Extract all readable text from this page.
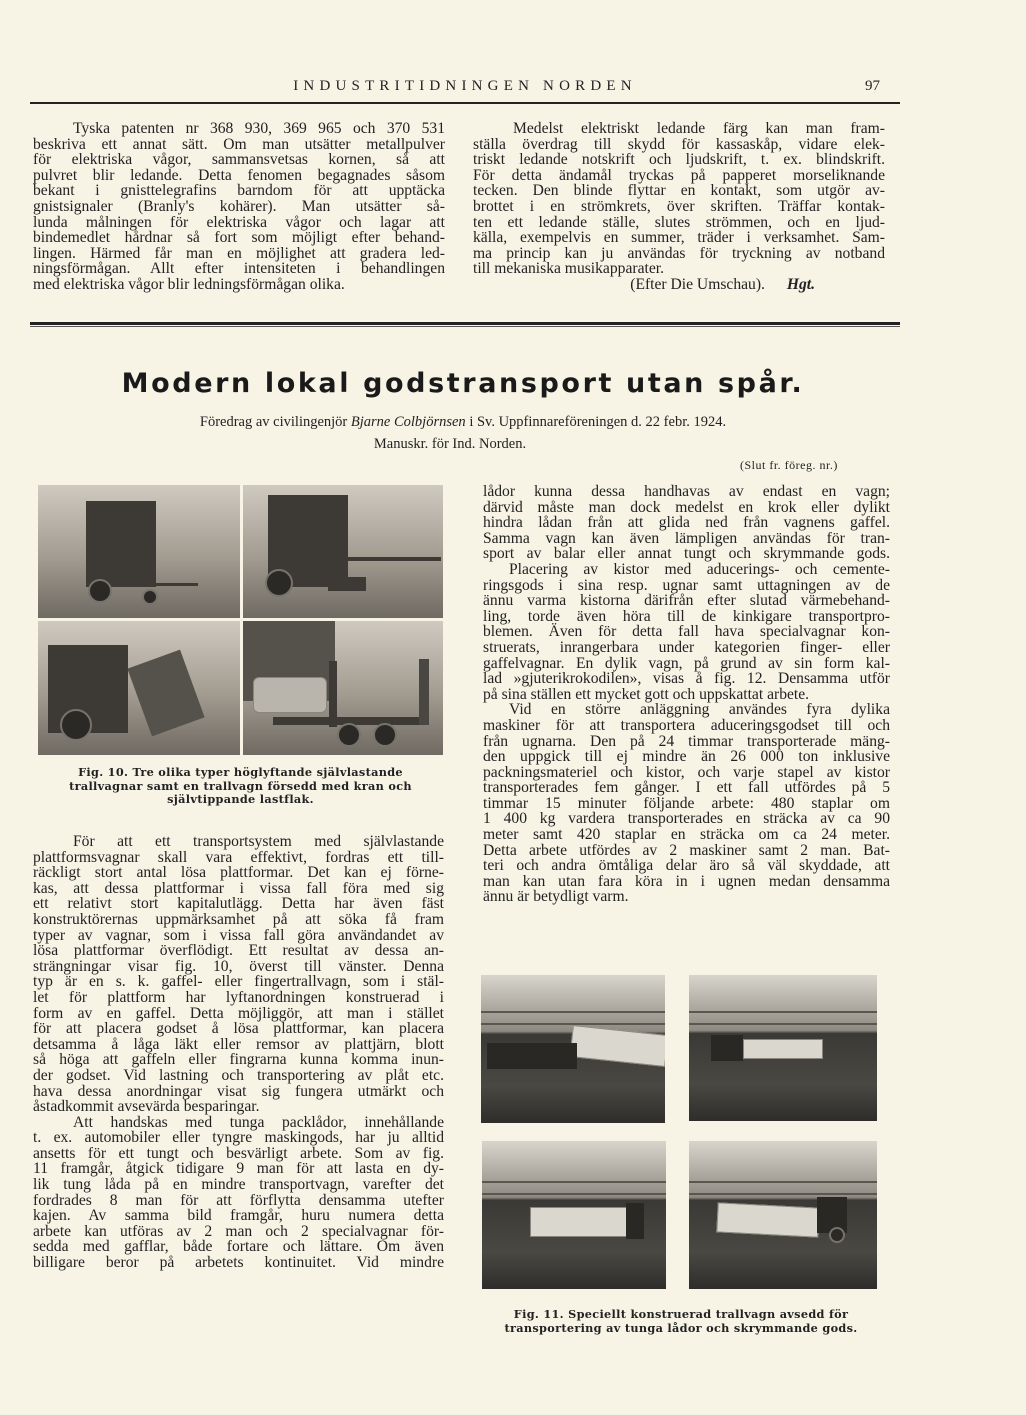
INDUSTRITIDNINGEN NORDEN	97
Tyska patenten nr 368 930, 369 965 och 370 531
beskriva ett annat sätt. Om man utsätter metallpulver
för elektriska vågor, sammansvetsas kornen, så att
pulvret blir ledande. Detta fenomen begagnades såsom
bekant i gnisttelegrafins barndom för att upptäcka
gnistsignaler (Branly's kohärer). Man utsätter så-
lunda målningen för elektriska vågor och lagar att
bindemedlet hårdnar så fort som möjligt efter behand-
lingen. Härmed får man en möjlighet att gradera led-
ningsförmågan. Allt efter intensiteten i behandlingen
med elektriska vågor blir ledningsförmågan olika.
Medelst elektriskt ledande färg kan man fram-
ställa överdrag till skydd för kassaskåp, vidare elek-
triskt ledande notskrift och ljudskrift, t. ex. blindskrift.
För detta ändamål tryckas på papperet morseliknande
tecken. Den blinde flyttar en kontakt, som utgör av-
brottet i en strömkrets, över skriften. Träffar kontak-
ten ett ledande ställe, slutes strömmen, och en ljud-
källa, exempelvis en summer, träder i verksamhet. Sam-
ma princip kan ju användas för tryckning av notband
till mekaniska musikapparater.
(Efter Die Umschau). Hgt.
Modern lokal godstransport utan spår.
Föredrag av civilingenjör Bjarne Colbjörnsen i Sv. Uppfinnareföreningen d. 22 febr. 1924.
Manuskr. för Ind. Norden.
(Slut fr. föreg. nr.)
Fig. 10. Tre olika typer höglyftande självlastande
trallvagnar samt en trallvagn försedd med kran och
självtippande lastflak.
För att ett transportsystem med självlastande
plattformsvagnar skall vara effektivt, fordras ett till-
räckligt stort antal lösa plattformar. Det kan ej förne-
kas, att dessa plattformar i vissa fall föra med sig
ett relativt stort kapitalutlägg. Detta har även fäst
konstruktörernas uppmärksamhet på att söka få fram
typer av vagnar, som i vissa fall göra användandet av
lösa plattformar överflödigt. Ett resultat av dessa an-
strängningar visar fig. 10, överst till vänster. Denna
typ är en s. k. gaffel- eller fingertrallvagn, som i stäl-
let för plattform har lyftanordningen konstruerad i
form av en gaffel. Detta möjliggör, att man i stället
för att placera godset å lösa plattformar, kan placera
detsamma å låga läkt eller remsor av plattjärn, blott
så höga att gaffeln eller fingrarna kunna komma inun-
der godset. Vid lastning och transportering av plåt etc.
hava dessa anordningar visat sig fungera utmärkt och
åstadkommit avsevärda besparingar.
Att handskas med tunga packlådor, innehållande
t. ex. automobiler eller tyngre maskingods, har ju alltid
ansetts för ett tungt och besvärligt arbete. Som av fig.
11 framgår, åtgick tidigare 9 man för att lasta en dy-
lik tung låda på en mindre transportvagn, varefter det
fordrades 8 man för att förflytta densamma utefter
kajen. Av samma bild framgår, huru numera detta
arbete kan utföras av 2 man och 2 specialvagnar för-
sedda med gafflar, både fortare och lättare. Om även
billigare beror på arbetets kontinuitet. Vid mindre
lådor kunna dessa handhavas av endast en vagn;
därvid måste man dock medelst en krok eller dylikt
hindra lådan från att glida ned från vagnens gaffel.
Samma vagn kan även lämpligen användas för tran-
sport av balar eller annat tungt och skrymmande gods.
Placering av kistor med aducerings- och cemente-
ringsgods i sina resp. ugnar samt uttagningen av de
ännu varma kistorna därifrån efter slutad värmebehand-
ling, torde även höra till de kinkigare transportpro-
blemen. Även för detta fall hava specialvagnar kon-
struerats, inrangerbara under kategorien finger- eller
gaffelvagnar. En dylik vagn, på grund av sin form kal-
lad »gjuterikrokodilen», visas å fig. 12. Densamma utför
på sina ställen ett mycket gott och uppskattat arbete.
Vid en större anläggning användes fyra dylika
maskiner för att transportera aduceringsgodset till och
från ugnarna. Den på 24 timmar transporterade mäng-
den uppgick till ej mindre än 26 000 ton inklusive
packningsmateriel och kistor, och varje stapel av kistor
transporterades fem gånger. I ett fall utfördes på 5
timmar 15 minuter följande arbete: 480 staplar om
1 400 kg vardera transporterades en sträcka av ca 90
meter samt 420 staplar en sträcka om ca 24 meter.
Detta arbete utfördes av 2 maskiner samt 2 man. Bat-
teri och andra ömtåliga delar äro så väl skyddade, att
man kan utan fara köra in i ugnen medan densamma
ännu är betydligt varm.
Fig. 11. Speciellt konstruerad trallvagn avsedd för
transportering av tunga lådor och skrymmande gods.
